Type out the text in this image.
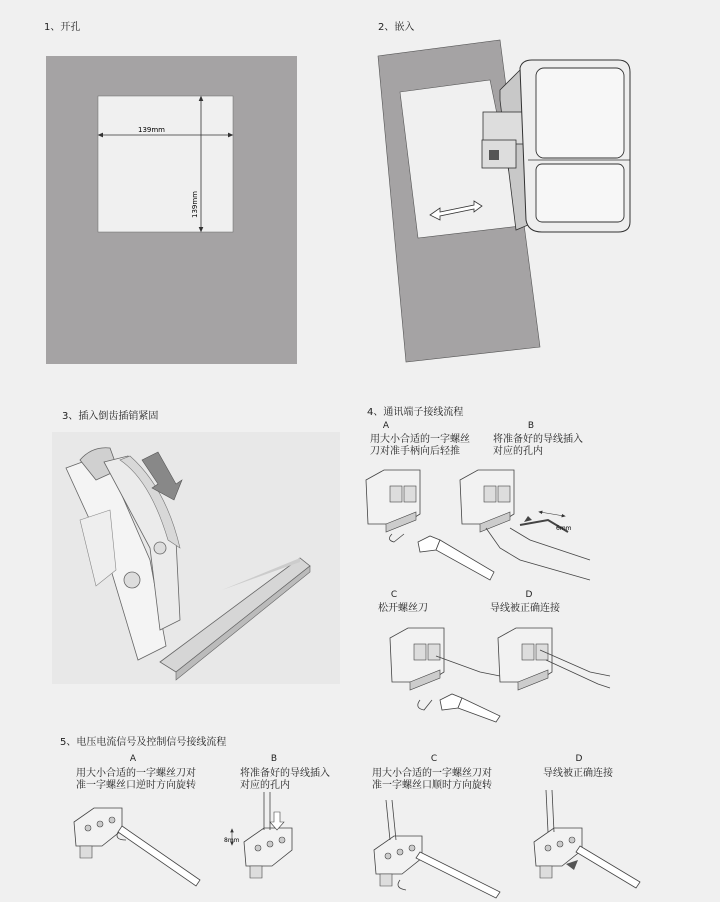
1、开孔	2、嵌入
3、插入倒齿插销紧固	4、通讯端子接线流程
5、电压电流信号及控制信号接线流程
A
用大小合适的一字螺丝
刀对准手柄向后轻推
B
将准备好的导线插入
对应的孔内
C
松开螺丝刀
D
导线被正确连接
A
用大小合适的一字螺丝刀对
准一字螺丝口逆时方向旋转
B
将准备好的导线插入
对应的孔内
C
用大小合适的一字螺丝刀对
准一字螺丝口顺时方向旋转
D
导线被正确连接
139mm
139mm
6mm
8mm
